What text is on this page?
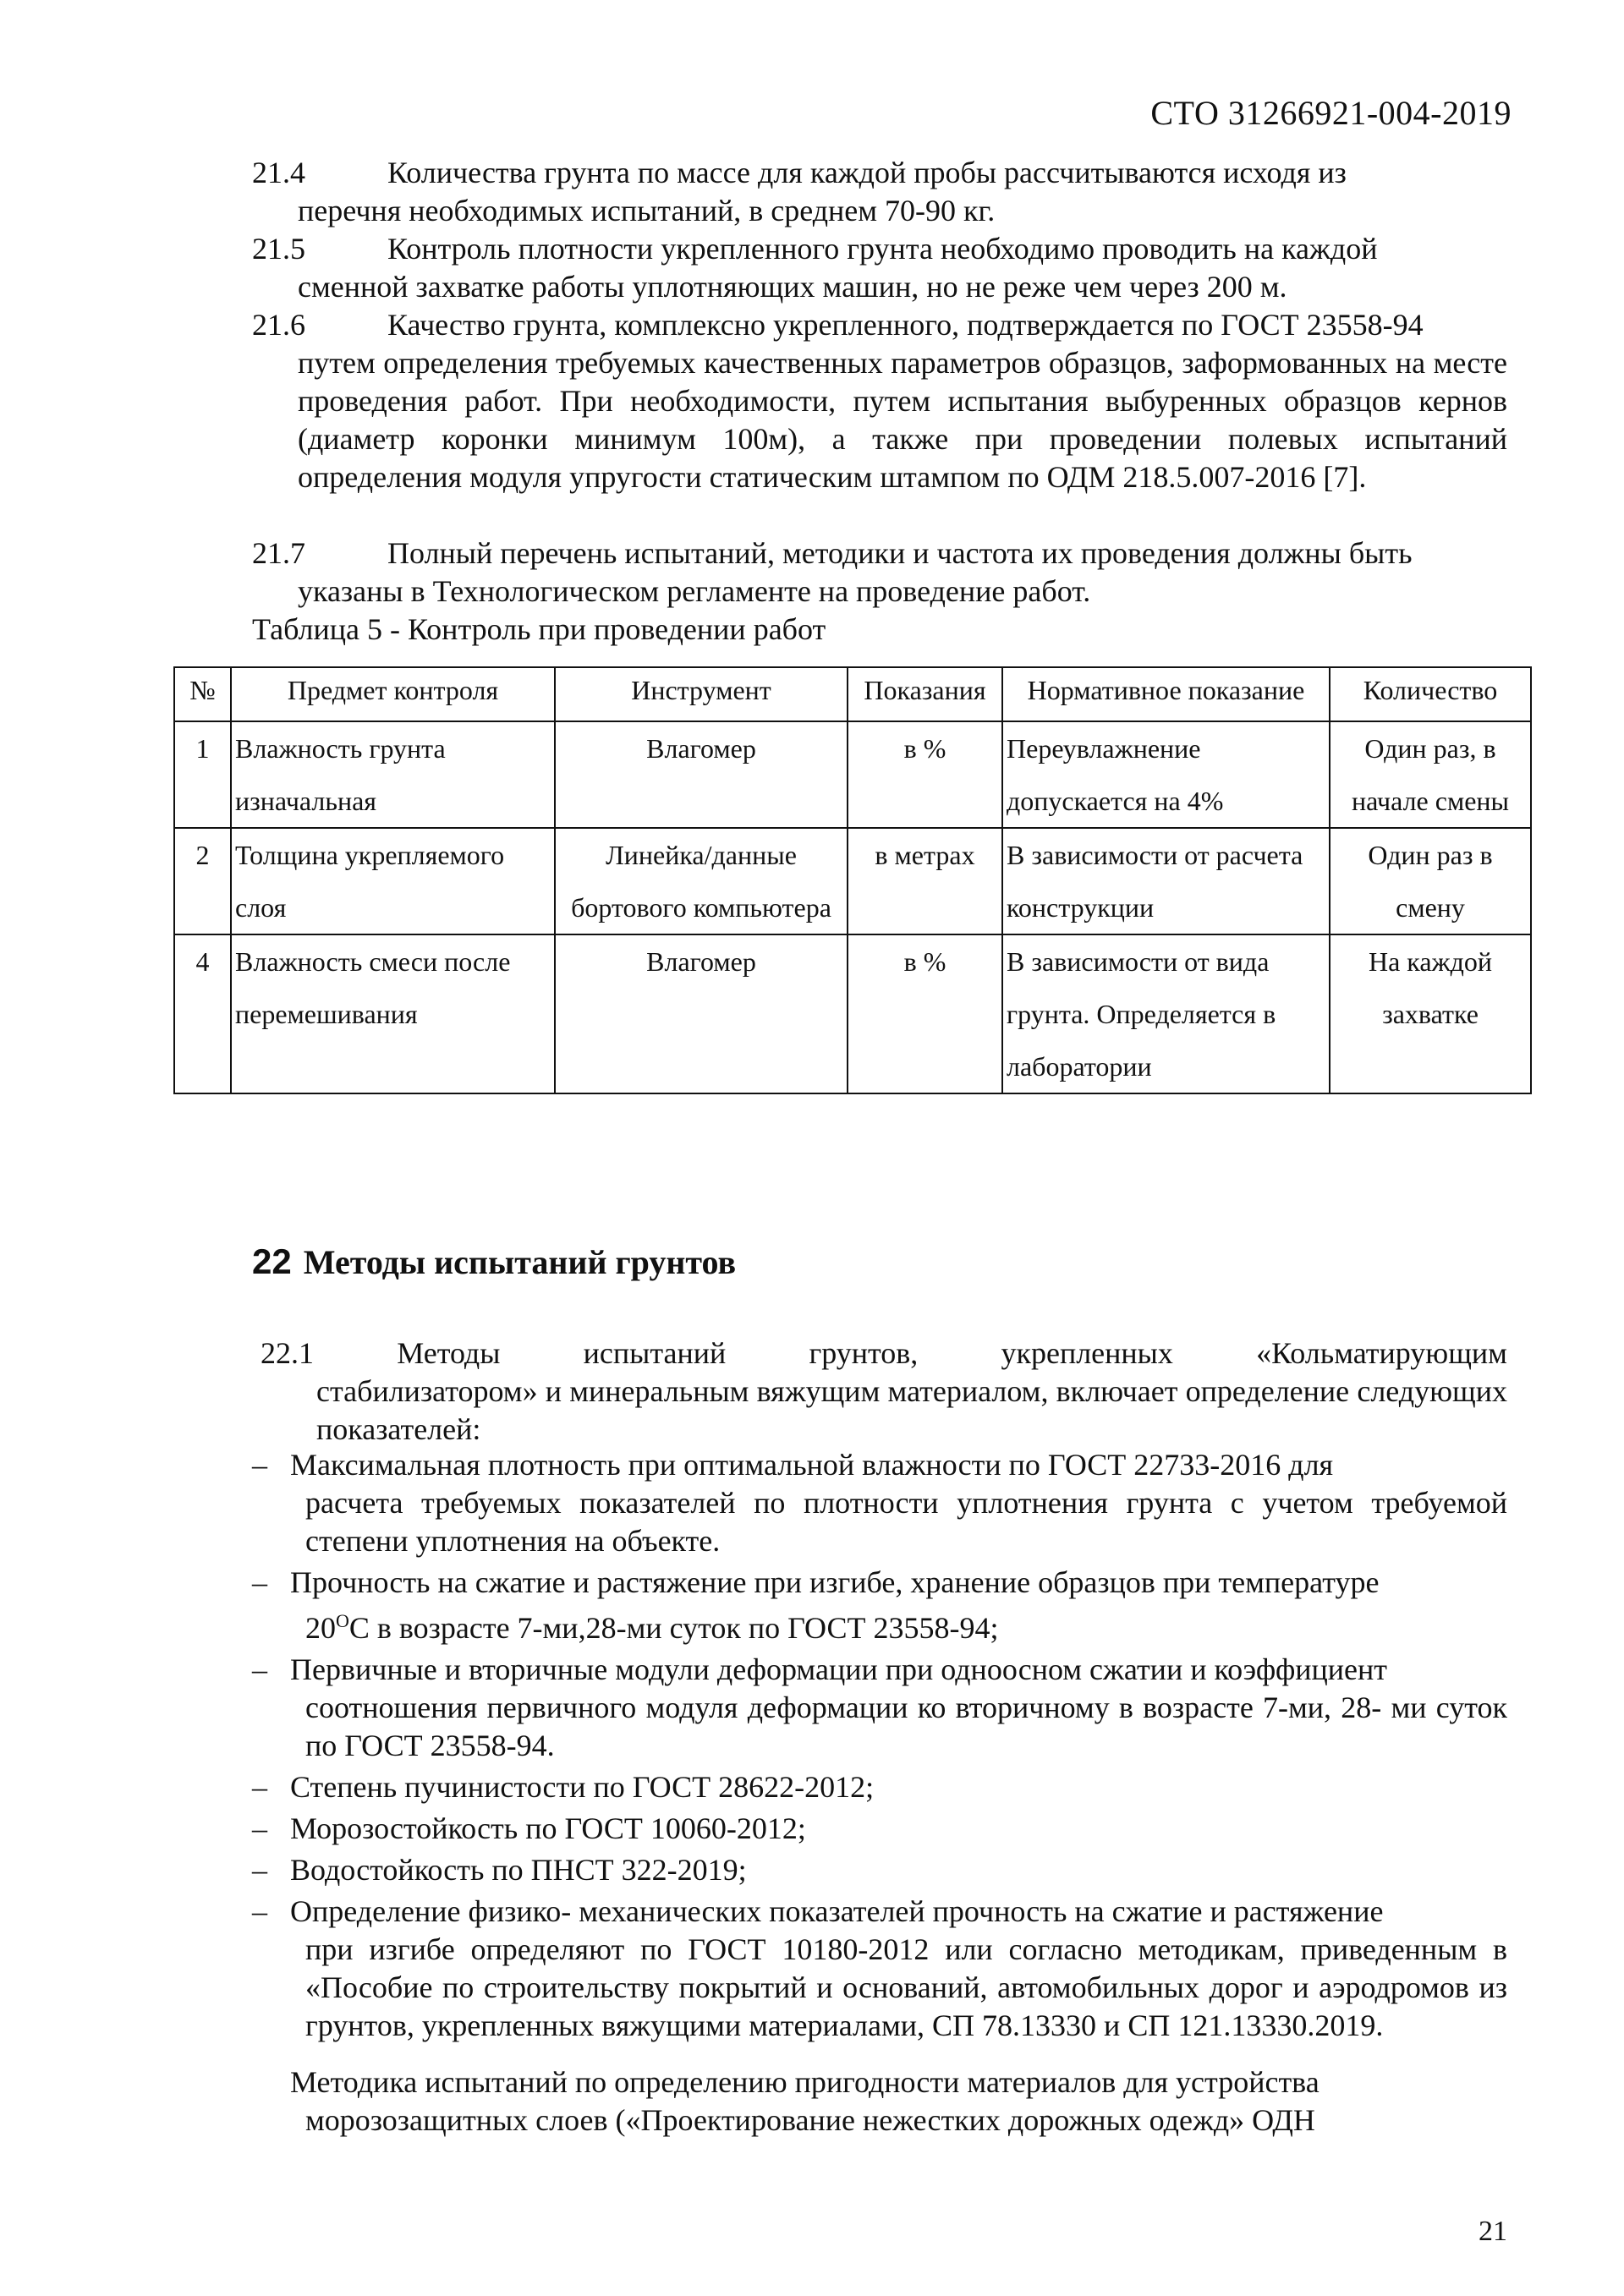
СТО 31266921-004-2019
21.4	Количества грунта по массе для каждой пробы рассчитываются исходя из
перечня необходимых испытаний, в среднем 70-90 кг.
21.5	Контроль плотности укрепленного грунта необходимо проводить на каждой
сменной захватке работы уплотняющих машин, но не реже чем через 200 м.
21.6	Качество грунта, комплексно укрепленного, подтверждается по ГОСТ 23558-94
путем определения требуемых качественных параметров образцов, заформованных на месте проведения работ. При необходимости, путем испытания выбуренных образцов кернов (диаметр коронки минимум 100м), а также при проведении полевых испытаний определения модуля упругости статическим штампом по ОДМ 218.5.007-2016 [7].
21.7	Полный перечень испытаний, методики и частота их проведения должны быть
указаны в Технологическом регламенте на проведение работ.
Таблица 5 - Контроль при проведении работ
№	Предмет контроля	Инструмент	Показания	Нормативное показание	Количество
1	Влажность грунта изначальная	Влагомер	в %	Переувлажнение допускается на 4%	Один раз, в начале смены
2	Толщина укрепляемого слоя	Линейка/данные бортового компьютера	в метрах	В зависимости от расчета конструкции	Один раз в смену
4	Влажность смеси после перемешивания	Влагомер	в %	В зависимости от вида грунта. Определяется в лаборатории	На каждой захватке
22 Методы испытаний грунтов
22.1	Методы	испытаний	грунтов,	укрепленных	«Кольматирующим
стабилизатором» и минеральным вяжущим материалом, включает определение следующих показателей:
– Максимальная плотность при оптимальной влажности по ГОСТ 22733-2016 для
расчета требуемых показателей по плотности уплотнения грунта с учетом требуемой степени уплотнения на объекте.
– Прочность на сжатие и растяжение при изгибе, хранение образцов при температуре
$20^ОС$ в возрасте 7-ми,28-ми суток по ГОСТ 23558-94;
– Первичные и вторичные модули деформации при одноосном сжатии и коэффициент
соотношения первичного модуля деформации ко вторичному в возрасте 7-ми, 28- ми суток по ГОСТ 23558-94.
– Степень пучинистости по ГОСТ 28622-2012;
– Морозостойкость по ГОСТ 10060-2012;
– Водостойкость по ПНСТ 322-2019;
– Определение физико- механических показателей прочность на сжатие и растяжение
при изгибе определяют по ГОСТ 10180-2012 или согласно методикам, приведенным в «Пособие по строительству покрытий и оснований, автомобильных дорог и аэродромов из грунтов, укрепленных вяжущими материалами, СП 78.13330 и СП 121.13330.2019.
Методика испытаний по определению пригодности материалов для устройства
морозозащитных слоев («Проектирование нежестких дорожных одежд» ОДН
21
